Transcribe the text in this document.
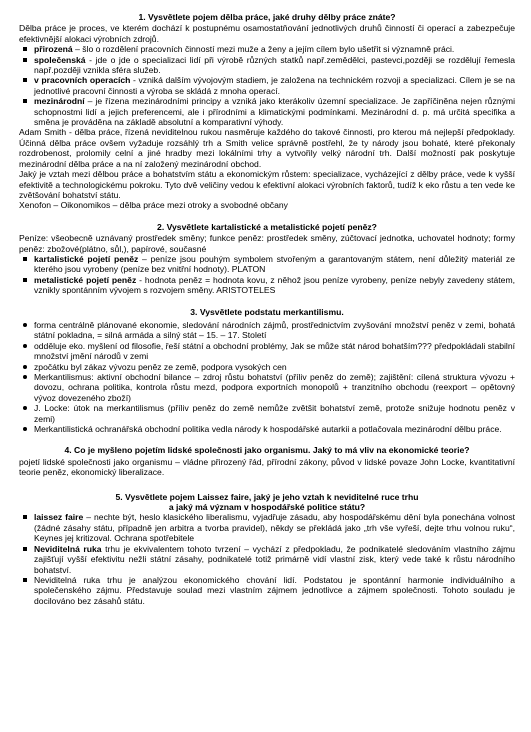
1. Vysvětlete pojem dělba práce, jaké druhy dělby práce znáte?

Dělba práce je proces, ve kterém dochází k postupnému osamostatňování jednotlivých druhů činností či operací a zabezpečuje efektivnější alokaci výrobních zdrojů.

přirozená – šlo o rozdělení pracovních činností mezi muže a ženy a jejím cílem bylo ušetřit si významně práci.
společenská - jde o jde o specializaci lidí při výrobě různých statků např.zemědělci, pastevci,později se rozdělují řemesla např.později vznikla sféra služeb.
v pracovních operacích - vzniká dalším vývojovým stadiem, je založena na technickém rozvoji a specializaci. Cílem je se na jednotlivé pracovní činnosti a výroba se skládá z mnoha operací.
mezinárodní – je řízena mezinárodními principy a vzniká jako kterákoliv územní specializace. Je zapříčiněna nejen různými schopnostmi lidí a jejich preferencemi, ale i přírodními a klimatickými podmínkami. Mezinárodní d. p. má určitá specifika a směna je prováděna na základě absolutní a komparativní výhody.

Adam Smith - dělba práce, řízená neviditelnou rukou nasměruje každého do takové činnosti, pro kterou má nejlepší předpoklady. Účinná dělba práce ovšem vyžaduje rozsáhlý trh a Smith velice správně postřehl, že ty národy jsou bohaté, které překonaly rozdrobenost, prolomily celní a jiné hradby mezi lokálními trhy a vytvořily velký národní trh. Další možností pak poskytuje mezinárodní dělba práce a na ní založený mezinárodní obchod.

Jaký je vztah mezi dělbou práce a bohatstvím státu a ekonomickým růstem: specializace, vycházející z dělby práce, vede k vyšší efektivitě a technologickému pokroku. Tyto dvě veličiny vedou k efektivní alokaci výrobních faktorů, tudíž k eko růstu a ten vede ke zvětšování bohatství státu.

Xenofon – Oikonomikos – dělba práce mezi otroky a svobodné občany

2. Vysvětlete kartalistické a metalistické pojetí peněz?

Peníze: všeobecně uznávaný prostředek směny; funkce peněz: prostředek směny, zúčtovací jednotka, uchovatel hodnoty; formy peněz: zbožové(plátno, sůl,), papírové, současné

kartalistické pojetí peněz – peníze jsou pouhým symbolem stvořeným a garantovaným státem, není důležitý materiál ze kterého jsou vyrobeny (peníze bez vnitřní hodnoty). PLATON
metalistické pojetí peněz - hodnota peněz = hodnota kovu, z něhož jsou peníze vyrobeny, peníze nebyly zavedeny státem, vznikly spontánním vývojem s rozvojem směny. ARISTOTELES

3. Vysvětlete podstatu merkantilismu.

forma centrálně plánované ekonomie, sledování národních zájmů, prostřednictvím zvyšování množství peněz v zemi, bohatá státní pokladna, = silná armáda a silný stát – 15. – 17. Století
odděluje eko. myšlení od filosofie, řeší státní a obchodní problémy, Jak se může stát národ bohatším??? předpokládali stabilní množství jmění národů v zemi
zpočátku byl zákaz vývozu peněz ze země, podpora vysokých cen
Merkantilismus: aktivní obchodní bilance – zdroj růstu bohatství (příliv peněz do země); zajištění: cílená struktura vývozu + dovozu, ochrana politika, kontrola růstu mezd, podpora exportních monopolů + tranzitního obchodu (reexport – opětovný vývoz dovezeného zboží)
J. Locke: útok na merkantilismus (příliv peněz do země nemůže zvětšit bohatství země, protože snižuje hodnotu peněz v zemi)
Merkantilistická ochranářská obchodní politika vedla národy k hospodářské autarkii a potlačovala mezinárodní dělbu práce.

4. Co je myšleno pojetím lidské společnosti jako organismu. Jaký to má vliv na ekonomické teorie?

pojetí lidské společnosti jako organismu – vládne přirozený řád, přírodní zákony, původ v lidské povaze John Locke, kvantitativní teorie peněz, ekonomický liberalizace.

5. Vysvětlete pojem Laissez faire, jaký je jeho vztah k neviditelné ruce trhu

a jaký má význam v hospodářské politice státu?

laissez faire – nechte být, heslo klasického liberalismu, vyjadřuje zásadu, aby hospodářskému dění byla ponechána volnost (žádné zásahy státu, případně jen arbitra a tvorba pravidel), někdy se překládá jako „trh vše vyřeší, dejte trhu volnou ruku“, Keynes jej kritizoval. Ochrana spotřebitele
Neviditelná ruka trhu je ekvivalentem tohoto tvrzení – vychází z předpokladu, že podnikatelé sledováním vlastního zájmu zajišťují vyšší efektivitu nežli státní zásahy, podnikatelé totiž primárně vidí vlastní zisk, který vede také k růstu národního bohatství.
Neviditelná ruka trhu je analýzou ekonomického chování lidí. Podstatou je spontánní harmonie individuálního a společenského zájmu. Představuje soulad mezi vlastním zájmem jednotlivce a zájmem společnosti. Tohoto souladu je docilováno bez zásahů státu.
